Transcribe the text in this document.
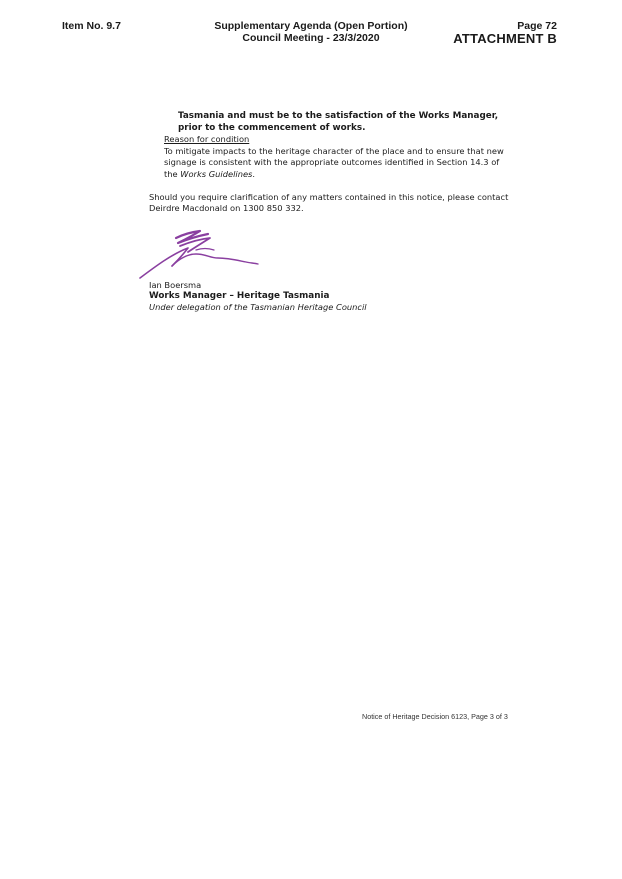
Item No. 9.7	Supplementary Agenda (Open Portion)
Council Meeting - 23/3/2020
Page 72
ATTACHMENT B
Tasmania and must be to the satisfaction of the Works Manager,
prior to the commencement of works.
Reason for condition
To mitigate impacts to the heritage character of the place and to ensure that new
signage is consistent with the appropriate outcomes identified in Section 14.3 of
the Works Guidelines.
Should you require clarification of any matters contained in this notice, please contact
Deirdre Macdonald on 1300 850 332.
Ian Boersma
Works Manager – Heritage Tasmania
Under delegation of the Tasmanian Heritage Council
Notice of Heritage Decision 6123, Page 3 of 3
